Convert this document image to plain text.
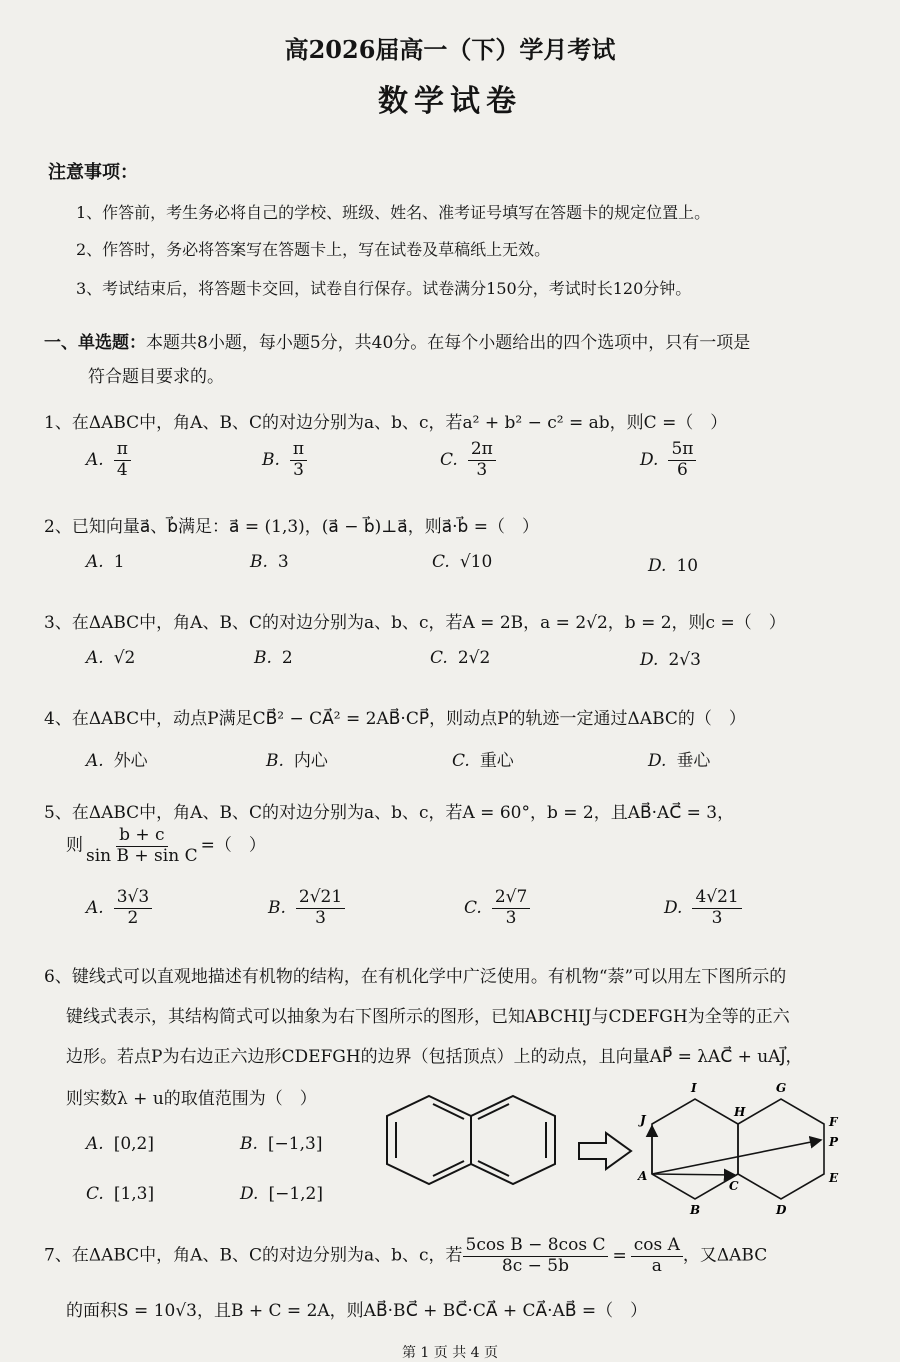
高2026届高一（下）学月考试
数学试卷
注意事项：
1、作答前，考生务必将自己的学校、班级、姓名、准考证号填写在答题卡的规定位置上。
2、作答时，务必将答案写在答题卡上，写在试卷及草稿纸上无效。
3、考试结束后，将答题卡交回，试卷自行保存。试卷满分150分，考试时长120分钟。
一、单选题：本题共8小题，每小题5分，共40分。在每个小题给出的四个选项中，只有一项是
符合题目要求的。
1、在ΔABC中，角A、B、C的对边分别为a、b、c，若a² + b² − c² = ab，则C =（　）
A. $\frac{\pi}{4}$	B. $\frac{\pi}{3}$	C. $\frac{2\pi}{3}$	D. $\frac{5\pi}{6}$
2、已知向量a⃗、b⃗满足：a⃗ = (1,3)，(a⃗ − b⃗)⊥a⃗，则a⃗·b⃗ =（　）
A. 1	B. 3	C. √10	D. 10
3、在ΔABC中，角A、B、C的对边分别为a、b、c，若A = 2B，a = 2√2，b = 2，则c =（　）
A. √2	B. 2	C. 2√2	D. 2√3
4、在ΔABC中，动点P满足CB⃗² − CA⃗² = 2AB⃗·CP⃗，则动点P的轨迹一定通过ΔABC的（　）
A. 外心	B. 内心	C. 重心	D. 垂心
5、在ΔABC中，角A、B、C的对边分别为a、b、c，若A = 60°，b = 2，且AB⃗·AC⃗ = 3，
则 $\frac{b + c}{\text{sin B + sin C}}$ =（　）
A. $\frac{3√3}{2}$	B. $\frac{2√21}{3}$	C. $\frac{2√7}{3}$	D. $\frac{4√21}{3}$
6、键线式可以直观地描述有机物的结构，在有机化学中广泛使用。有机物“萘”可以用左下图所示的
键线式表示，其结构简式可以抽象为右下图所示的图形，已知ABCHIJ与CDEFGH为全等的正六
边形。若点P为右边正六边形CDEFGH的边界（包括顶点）上的动点，且向量AP⃗ = λAC⃗ + uAJ⃗，
则实数λ + u的取值范围为（　）
A. [0,2]	B. [−1,3]
C. [1,3]	D. [−1,2]
A
B
C
D
E
F
G
H
I
J
P
7、在ΔABC中，角A、B、C的对边分别为a、b、c，若 $\frac{\text{5cos B − 8cos C}}{8c - 5b} = \frac{\text{cos A}}{a}$ ，又ΔABC
的面积S = 10√3，且B + C = 2A，则AB⃗·BC⃗ + BC⃗·CA⃗ + CA⃗·AB⃗ =（　）
第 1 页 共 4 页
